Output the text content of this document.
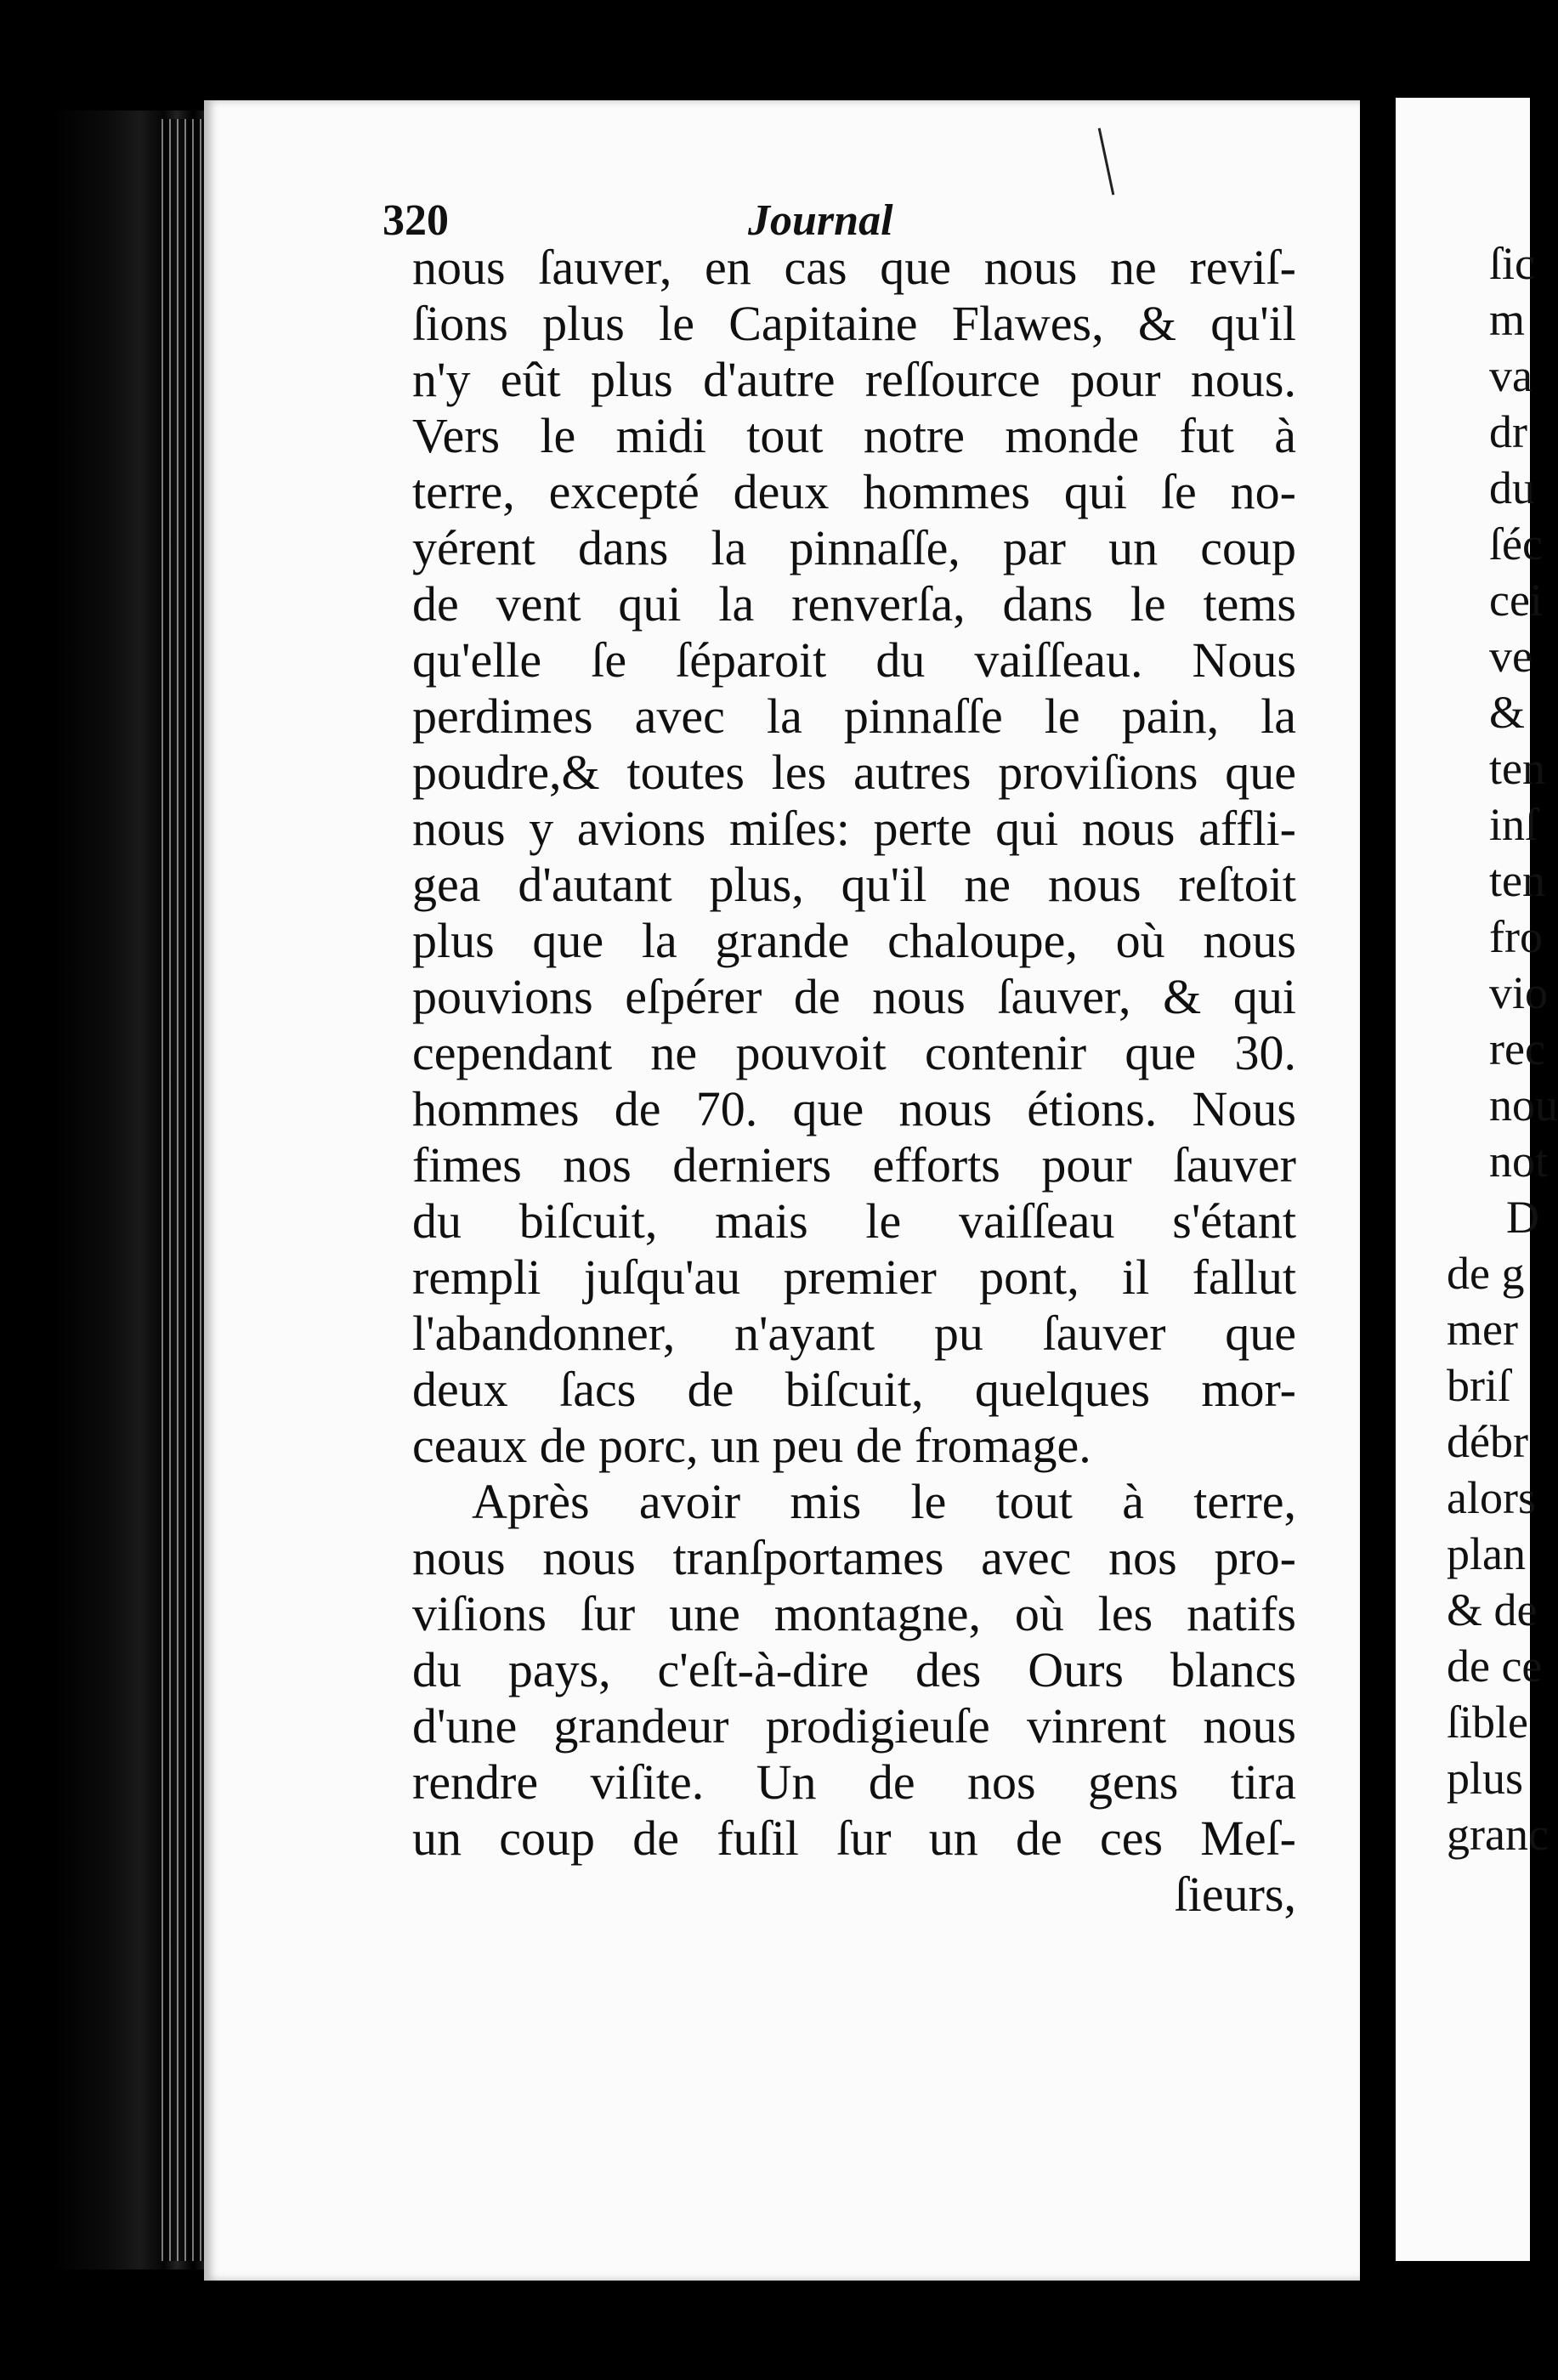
ſic
m
va
dr
du
ſéc
cei
ve
&
ten
inſ
ten
fro
vio
rec
nou
not
D
de g
mer
briſ
débr
alors
plan
& de
de ce
ſible
plus
granc
320	Journal
nous ſauver, en cas que nous ne reviſ-
ſions plus le Capitaine Flawes, & qu'il
n'y eût plus d'autre reſſource pour nous.
Vers le midi tout notre monde fut à
terre, excepté deux hommes qui ſe no-
yérent dans la pinnaſſe, par un coup
de vent qui la renverſa, dans le tems
qu'elle ſe ſéparoit du vaiſſeau. Nous
perdimes avec la pinnaſſe le pain, la
poudre,& toutes les autres proviſions que
nous y avions miſes: perte qui nous affli-
gea d'autant plus, qu'il ne nous reſtoit
plus que la grande chaloupe, où nous
pouvions eſpérer de nous ſauver, & qui
cependant ne pouvoit contenir que 30.
hommes de 70. que nous étions. Nous
fimes nos derniers efforts pour ſauver
du biſcuit, mais le vaiſſeau s'étant
rempli juſqu'au premier pont, il fallut
l'abandonner, n'ayant pu ſauver que
deux ſacs de biſcuit, quelques mor-
ceaux de porc, un peu de fromage.
Après avoir mis le tout à terre,
nous nous tranſportames avec nos pro-
viſions ſur une montagne, où les natifs
du pays, c'eſt-à-dire des Ours blancs
d'une grandeur prodigieuſe vinrent nous
rendre viſite. Un de nos gens tira
un coup de fuſil ſur un de ces Meſ-
ſieurs,
